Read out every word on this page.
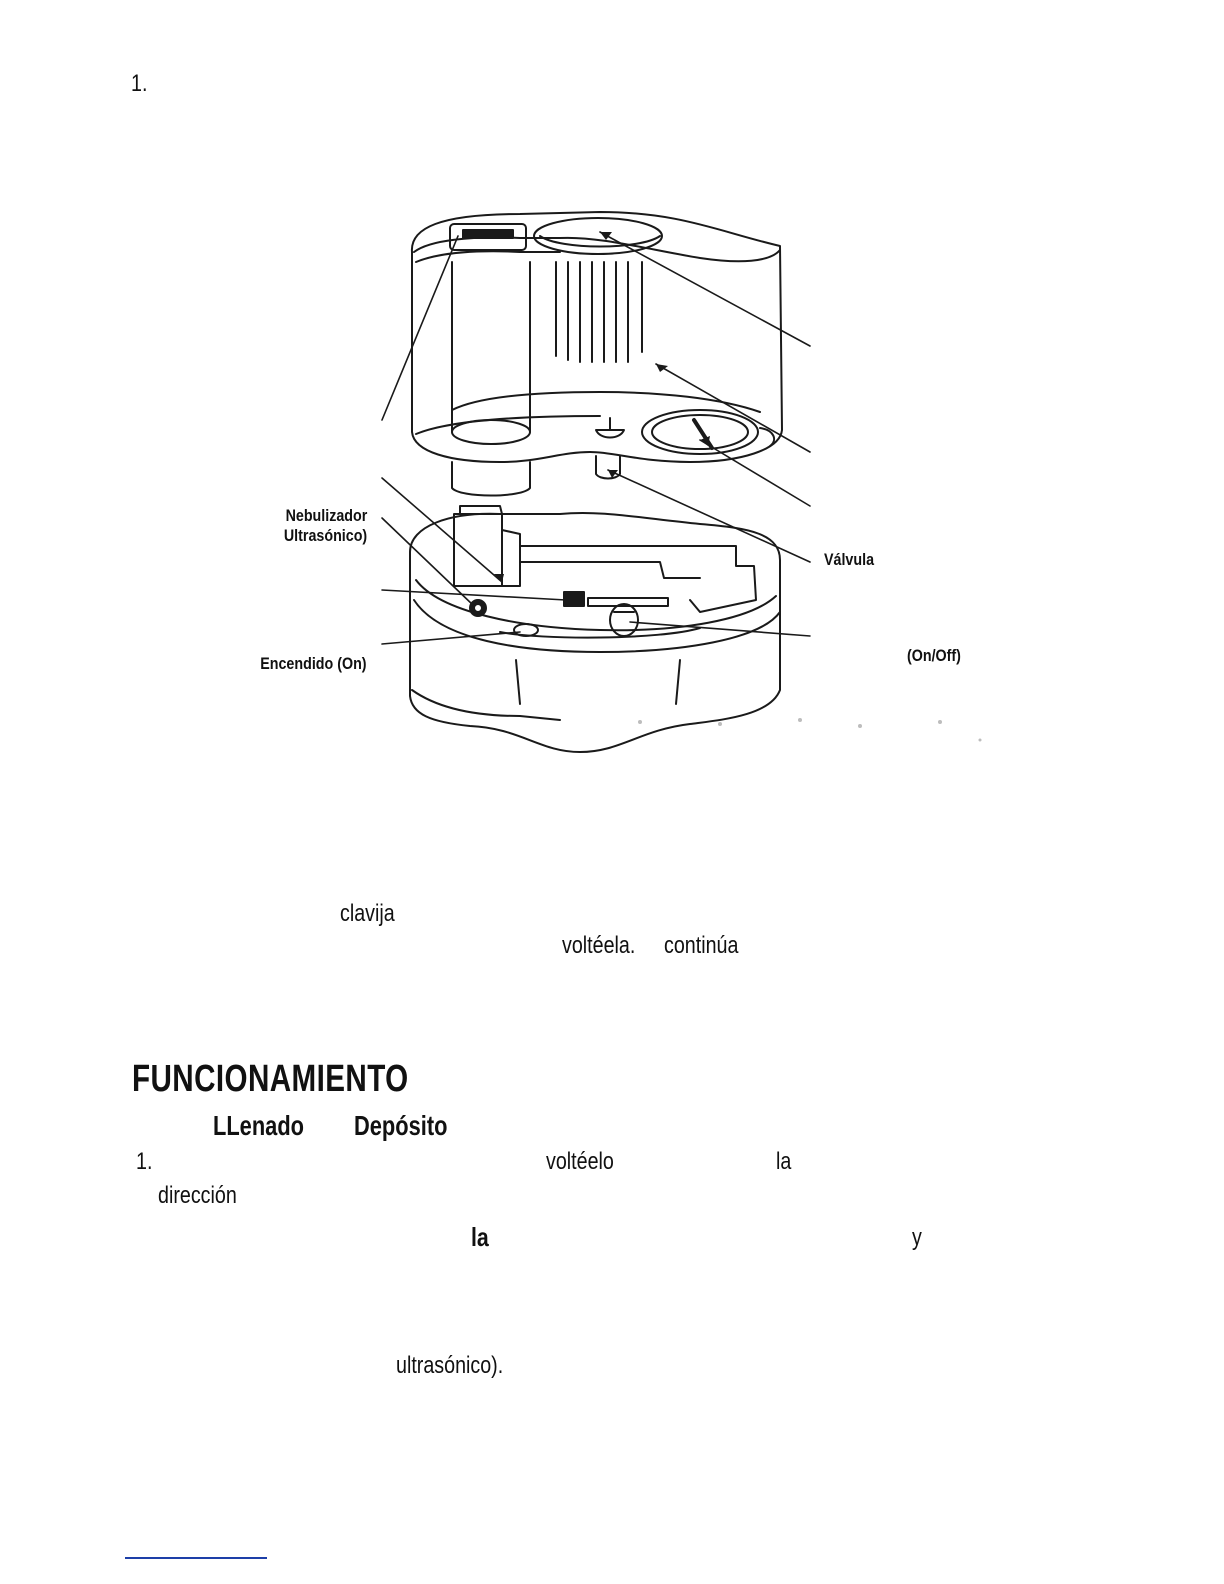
1.
Nebulizador
Ultrasónico)
Encendido (On)
Válvula
(On/Off)
clavija
voltéela. continúa
FUNCIONAMIENTO
LLenado Depósito
1.	voltéelo	la
dirección
la	y
ultrasónico).
